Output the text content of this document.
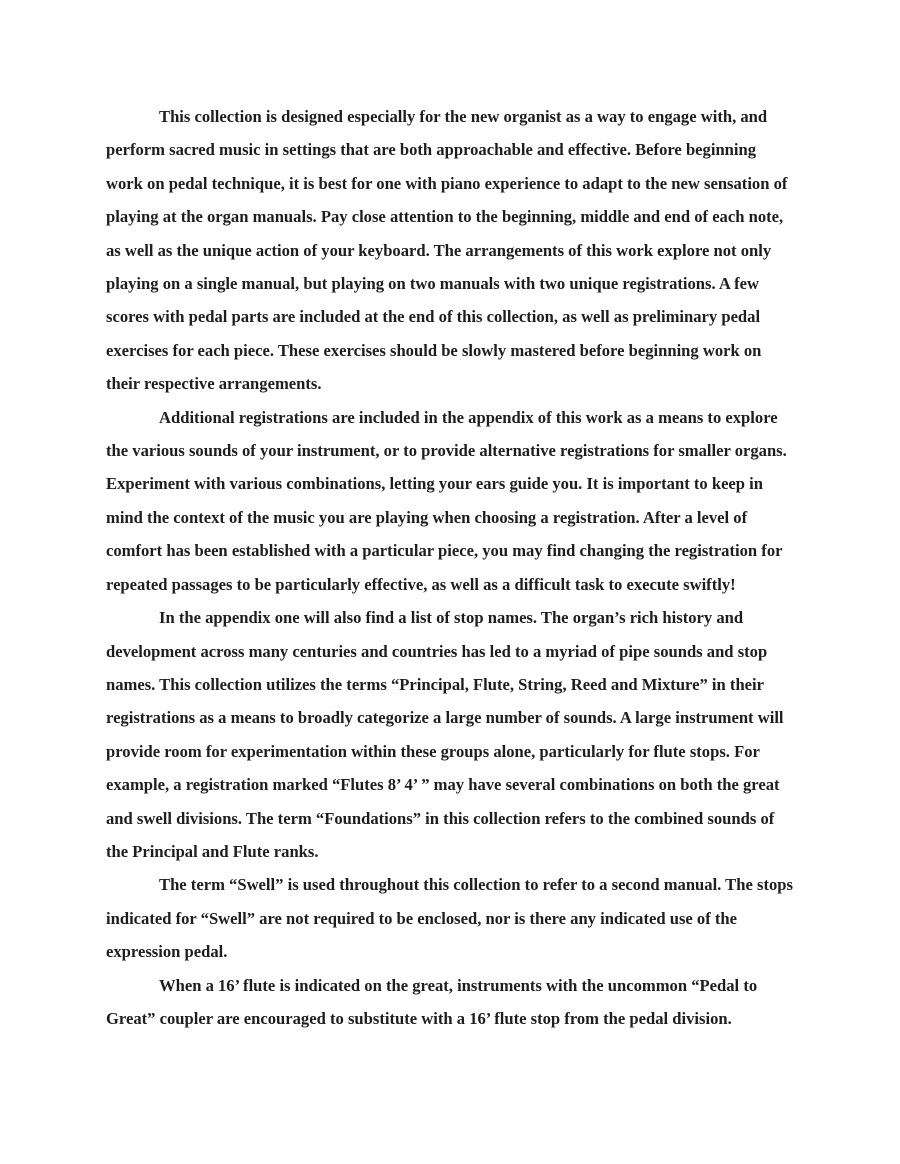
This collection is designed especially for the new organist as a way to engage with, and perform sacred music in settings that are both approachable and effective. Before beginning work on pedal technique, it is best for one with piano experience to adapt to the new sensation of playing at the organ manuals. Pay close attention to the beginning, middle and end of each note, as well as the unique action of your keyboard. The arrangements of this work explore not only playing on a single manual, but playing on two manuals with two unique registrations. A few scores with pedal parts are included at the end of this collection, as well as preliminary pedal exercises for each piece. These exercises should be slowly mastered before beginning work on their respective arrangements.

Additional registrations are included in the appendix of this work as a means to explore the various sounds of your instrument, or to provide alternative registrations for smaller organs. Experiment with various combinations, letting your ears guide you. It is important to keep in mind the context of the music you are playing when choosing a registration. After a level of comfort has been established with a particular piece, you may find changing the registration for repeated passages to be particularly effective, as well as a difficult task to execute swiftly!

In the appendix one will also find a list of stop names. The organ’s rich history and development across many centuries and countries has led to a myriad of pipe sounds and stop names. This collection utilizes the terms “Principal, Flute, String, Reed and Mixture” in their registrations as a means to broadly categorize a large number of sounds. A large instrument will provide room for experimentation within these groups alone, particularly for flute stops. For example, a registration marked “Flutes 8’ 4’ ” may have several combinations on both the great and swell divisions. The term “Foundations” in this collection refers to the combined sounds of the Principal and Flute ranks.

The term “Swell” is used throughout this collection to refer to a second manual. The stops indicated for “Swell” are not required to be enclosed, nor is there any indicated use of the expression pedal.

When a 16’ flute is indicated on the great, instruments with the uncommon “Pedal to Great” coupler are encouraged to substitute with a 16’ flute stop from the pedal division.
